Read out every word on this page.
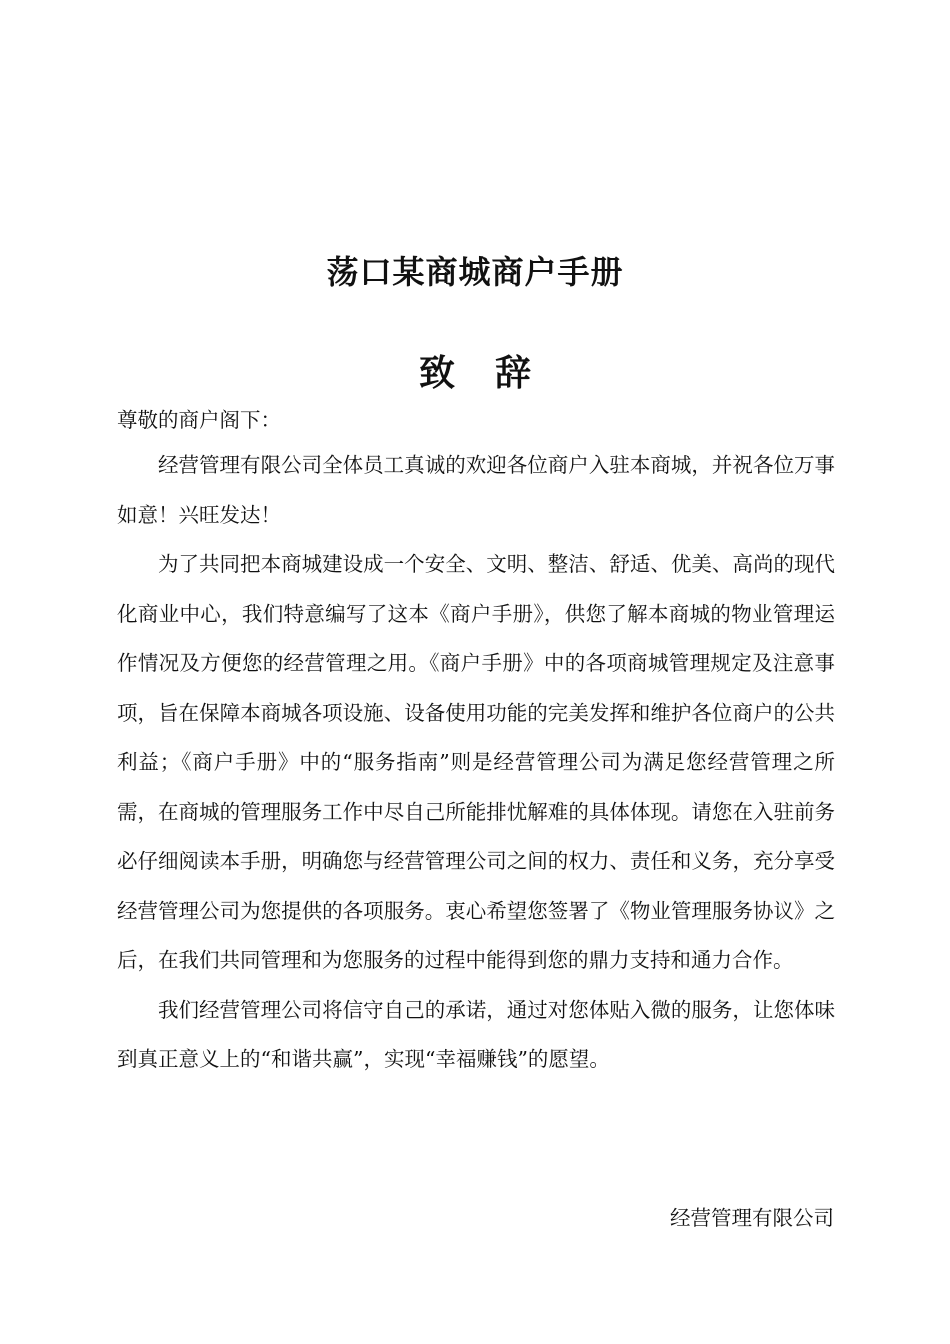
荡口某商城商户手册
致 辞

尊敬的商户阁下：

经营管理有限公司全体员工真诚的欢迎各位商户入驻本商城，并祝各位万事如意！兴旺发达！

为了共同把本商城建设成一个安全、文明、整洁、舒适、优美、高尚的现代化商业中心，我们特意编写了这本《商户手册》，供您了解本商城的物业管理运作情况及方便您的经营管理之用。《商户手册》中的各项商城管理规定及注意事项，旨在保障本商城各项设施、设备使用功能的完美发挥和维护各位商户的公共利益；《商户手册》中的“服务指南”则是经营管理公司为满足您经营管理之所需，在商城的管理服务工作中尽自己所能排忧解难的具体体现。请您在入驻前务必仔细阅读本手册，明确您与经营管理公司之间的权力、责任和义务，充分享受经营管理公司为您提供的各项服务。衷心希望您签署了《物业管理服务协议》之后，在我们共同管理和为您服务的过程中能得到您的鼎力支持和通力合作。

我们经营管理公司将信守自己的承诺，通过对您体贴入微的服务，让您体味到真正意义上的“和谐共赢”，实现“幸福赚钱”的愿望。

经营管理有限公司
